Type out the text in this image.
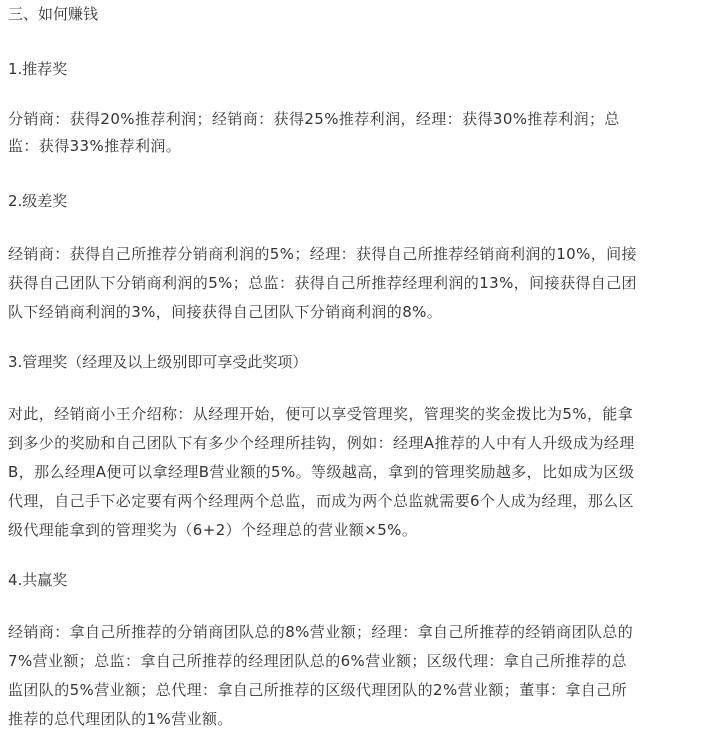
三、如何赚钱
1.推荐奖
分销商：获得20%推荐利润；经销商：获得25%推荐利润，经理：获得30%推荐利润；总
监：获得33%推荐利润。
2.级差奖
经销商：获得自己所推荐分销商利润的5%；经理：获得自己所推荐经销商利润的10%，间接
获得自己团队下分销商利润的5%；总监：获得自己所推荐经理利润的13%，间接获得自己团
队下经销商利润的3%，间接获得自己团队下分销商利润的8%。
3.管理奖（经理及以上级别即可享受此奖项）
对此，经销商小王介绍称：从经理开始，便可以享受管理奖，管理奖的奖金拨比为5%，能拿
到多少的奖励和自己团队下有多少个经理所挂钩，例如：经理A推荐的人中有人升级成为经理
B，那么经理A便可以拿经理B营业额的5%。等级越高，拿到的管理奖励越多，比如成为区级
代理，自己手下必定要有两个经理两个总监，而成为两个总监就需要6个人成为经理，那么区
级代理能拿到的管理奖为（6+2）个经理总的营业额×5%。
4.共赢奖
经销商：拿自己所推荐的分销商团队总的8%营业额；经理：拿自己所推荐的经销商团队总的
7%营业额；总监：拿自己所推荐的经理团队总的6%营业额；区级代理：拿自己所推荐的总
监团队的5%营业额；总代理：拿自己所推荐的区级代理团队的2%营业额；董事：拿自己所
推荐的总代理团队的1%营业额。
